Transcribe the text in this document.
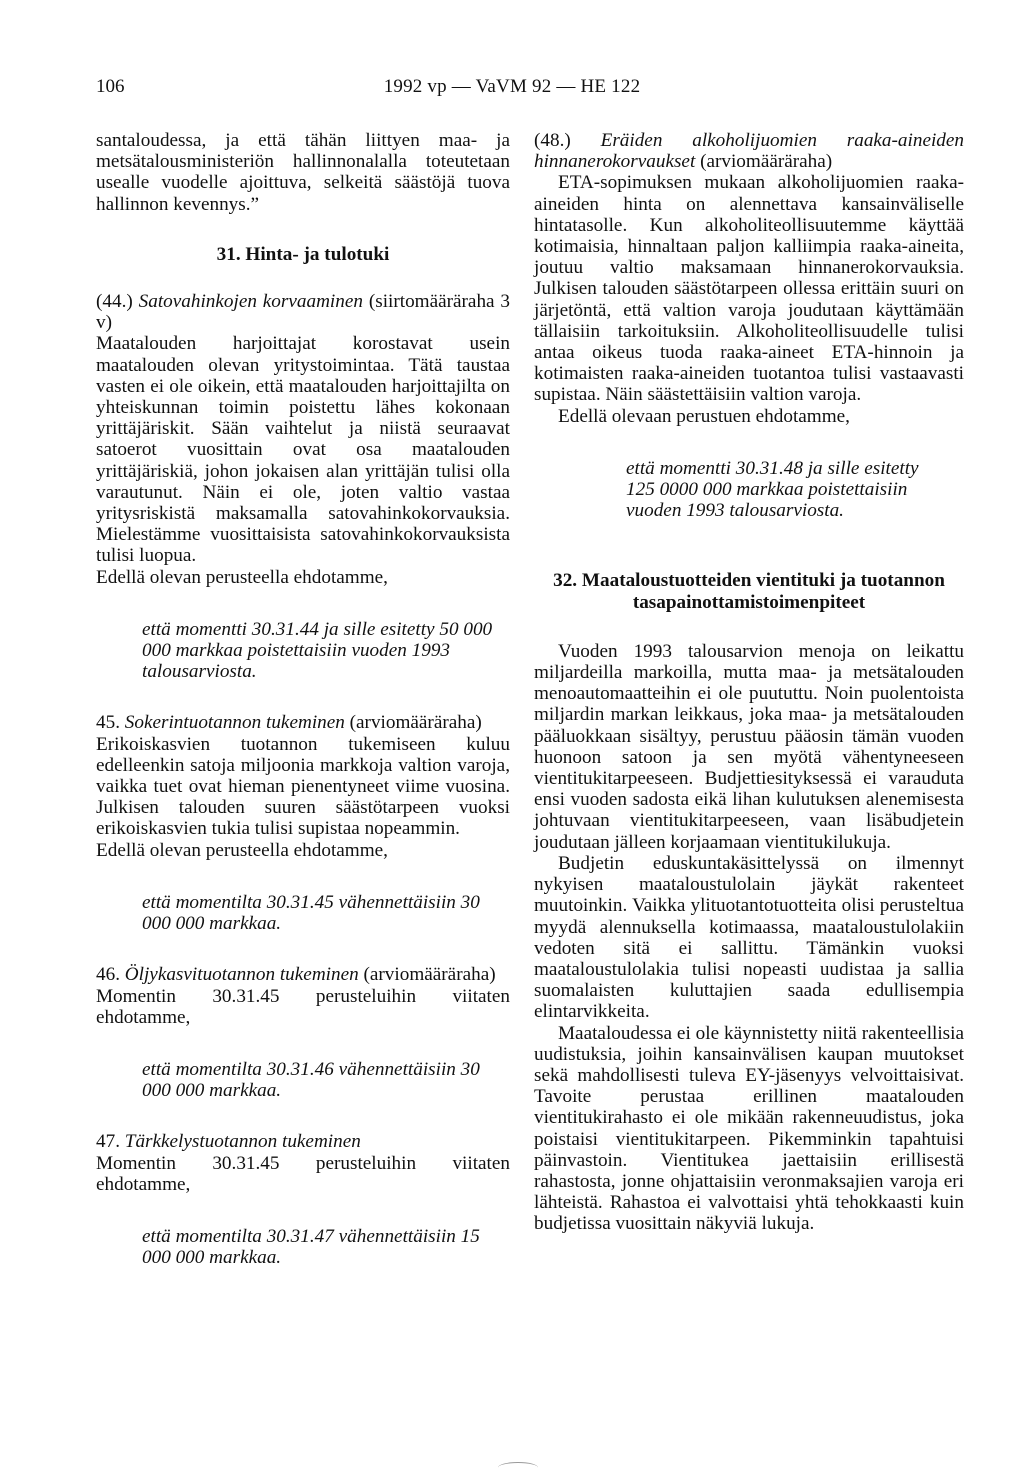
106	1992 vp — VaVM 92 — HE 122

santaloudessa, ja että tähän liittyen maa- ja metsätalousministeriön hallinnonalalla toteutetaan usealle vuodelle ajoittuva, selkeitä säästöjä tuova hallinnon kevennys.”

31. Hinta- ja tulotuki

(44.) Satovahinkojen korvaaminen (siirtomääräraha 3 v)

Maatalouden harjoittajat korostavat usein maatalouden olevan yritystoimintaa. Tätä taustaa vasten ei ole oikein, että maatalouden harjoittajilta on yhteiskunnan toimin poistettu lähes kokonaan yrittäjäriskit. Sään vaihtelut ja niistä seuraavat satoerot vuosittain ovat osa maatalouden yrittäjäriskiä, johon jokaisen alan yrittäjän tulisi olla varautunut. Näin ei ole, joten valtio vastaa yritysriskistä maksamalla satovahinkokorvauksia. Mielestämme vuosittaisista satovahinkokorvauksista tulisi luopua.

Edellä olevan perusteella ehdotamme,

että momentti 30.31.44 ja sille esitetty 50 000 000 markkaa poistettaisiin vuoden 1993 talousarviosta.

45. Sokerintuotannon tukeminen (arviomääräraha)

Erikoiskasvien tuotannon tukemiseen kuluu edelleenkin satoja miljoonia markkoja valtion varoja, vaikka tuet ovat hieman pienentyneet viime vuosina. Julkisen talouden suuren säästötarpeen vuoksi erikoiskasvien tukia tulisi supistaa nopeammin.

Edellä olevan perusteella ehdotamme,

että momentilta 30.31.45 vähennettäisiin 30 000 000 markkaa.

46. Öljykasvituotannon tukeminen (arviomääräraha)

Momentin 30.31.45 perusteluihin viitaten ehdotamme,

että momentilta 30.31.46 vähennettäisiin 30 000 000 markkaa.

47. Tärkkelystuotannon tukeminen

Momentin 30.31.45 perusteluihin viitaten ehdotamme,

että momentilta 30.31.47 vähennettäisiin 15 000 000 markkaa.

(48.) Eräiden alkoholijuomien raaka-aineiden hinnanerokorvaukset (arviomääräraha)

ETA-sopimuksen mukaan alkoholijuomien raaka-aineiden hinta on alennettava kansainväliselle hintatasolle. Kun alkoholiteollisuutemme käyttää kotimaisia, hinnaltaan paljon kalliimpia raaka-aineita, joutuu valtio maksamaan hinnanerokorvauksia. Julkisen talouden säästötarpeen ollessa erittäin suuri on järjetöntä, että valtion varoja joudutaan käyttämään tällaisiin tarkoituksiin. Alkoholiteollisuudelle tulisi antaa oikeus tuoda raaka-aineet ETA-hinnoin ja kotimaisten raaka-aineiden tuotantoa tulisi vastaavasti supistaa. Näin säästettäisiin valtion varoja.

Edellä olevaan perustuen ehdotamme,

että momentti 30.31.48 ja sille esitetty 125 0000 000 markkaa poistettaisiin vuoden 1993 talousarviosta.

32. Maataloustuotteiden vientituki ja tuotannon tasapainottamistoimenpiteet

Vuoden 1993 talousarvion menoja on leikattu miljardeilla markoilla, mutta maa- ja metsätalouden menoautomaatteihin ei ole puututtu. Noin puolentoista miljardin markan leikkaus, joka maa- ja metsätalouden pääluokkaan sisältyy, perustuu pääosin tämän vuoden huonoon satoon ja sen myötä vähentyneeseen vientitukitarpeeseen. Budjettiesityksessä ei varauduta ensi vuoden sadosta eikä lihan kulutuksen alenemisesta johtuvaan vientitukitarpeeseen, vaan lisäbudjetein joudutaan jälleen korjaamaan vientitukilukuja.

Budjetin eduskuntakäsittelyssä on ilmennyt nykyisen maataloustulolain jäykät rakenteet muutoinkin. Vaikka ylituotantotuotteita olisi perusteltua myydä alennuksella kotimaassa, maataloustulolakiin vedoten sitä ei sallittu. Tämänkin vuoksi maataloustulolakia tulisi nopeasti uudistaa ja sallia suomalaisten kuluttajien saada edullisempia elintarvikkeita.

Maataloudessa ei ole käynnistetty niitä rakenteellisia uudistuksia, joihin kansainvälisen kaupan muutokset sekä mahdollisesti tuleva EY-jäsenyys velvoittaisivat. Tavoite perustaa erillinen maatalouden vientitukirahasto ei ole mikään rakenneuudistus, joka poistaisi vientitukitarpeen. Pikemminkin tapahtuisi päinvastoin. Vientitukea jaettaisiin erillisestä rahastosta, jonne ohjattaisiin veronmaksajien varoja eri lähteistä. Rahastoa ei valvottaisi yhtä tehokkaasti kuin budjetissa vuosittain näkyviä lukuja.
